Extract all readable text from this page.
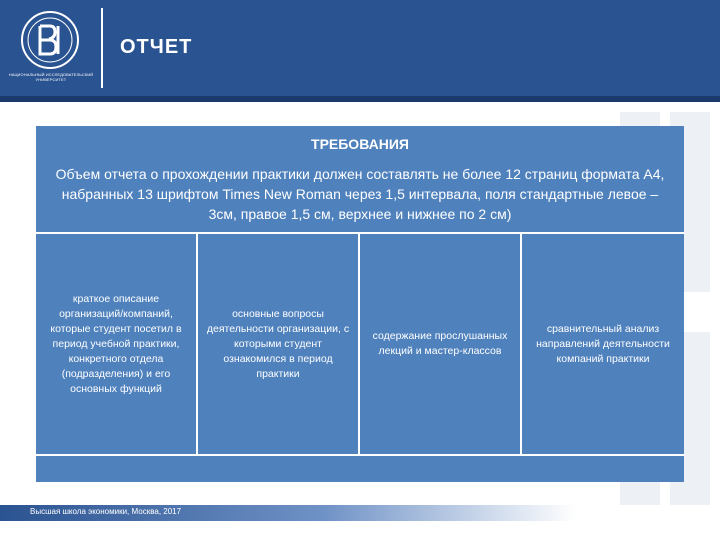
НАЦИОНАЛЬНЫЙ ИССЛЕДОВАТЕЛЬСКИЙ УНИВЕРСИТЕТ
ОТЧЕТ
ТРЕБОВАНИЯ
Объем отчета о прохождении практики должен составлять не более 12 страниц формата А4, набранных 13 шрифтом Times New Roman через 1,5 интервала, поля стандартные левое – 3см, правое 1,5 см, верхнее и нижнее по 2 см)
краткое описание организаций/компаний, которые студент посетил в период учебной практики, конкретного отдела (подразделения) и его основных функций
основные вопросы деятельности организации, с которыми студент ознакомился в период практики
содержание прослушанных лекций и мастер-классов
сравнительный анализ направлений деятельности компаний практики
Высшая школа экономики, Москва, 2017
